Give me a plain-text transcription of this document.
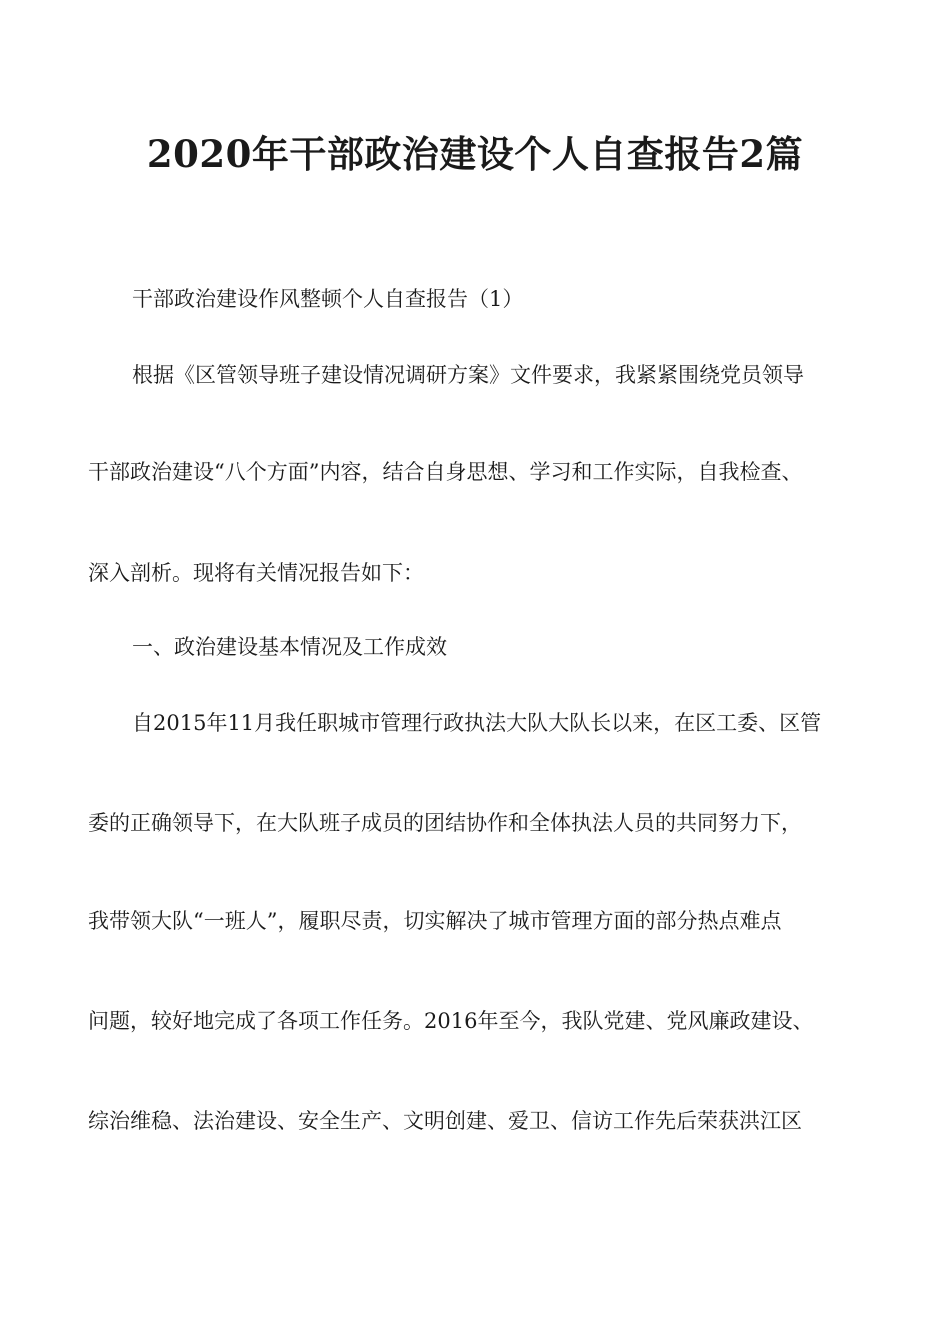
2020年干部政治建设个人自查报告2篇
干部政治建设作风整顿个人自查报告（1）
根据《区管领导班子建设情况调研方案》文件要求，我紧紧围绕党员领导
干部政治建设“八个方面”内容，结合自身思想、学习和工作实际，自我检查、
深入剖析。现将有关情况报告如下：
一、政治建设基本情况及工作成效
自2015年11月我任职城市管理行政执法大队大队长以来，在区工委、区管
委的正确领导下，在大队班子成员的团结协作和全体执法人员的共同努力下，
我带领大队“一班人”，履职尽责，切实解决了城市管理方面的部分热点难点
问题，较好地完成了各项工作任务。2016年至今，我队党建、党风廉政建设、
综治维稳、法治建设、安全生产、文明创建、爱卫、信访工作先后荣获洪江区
